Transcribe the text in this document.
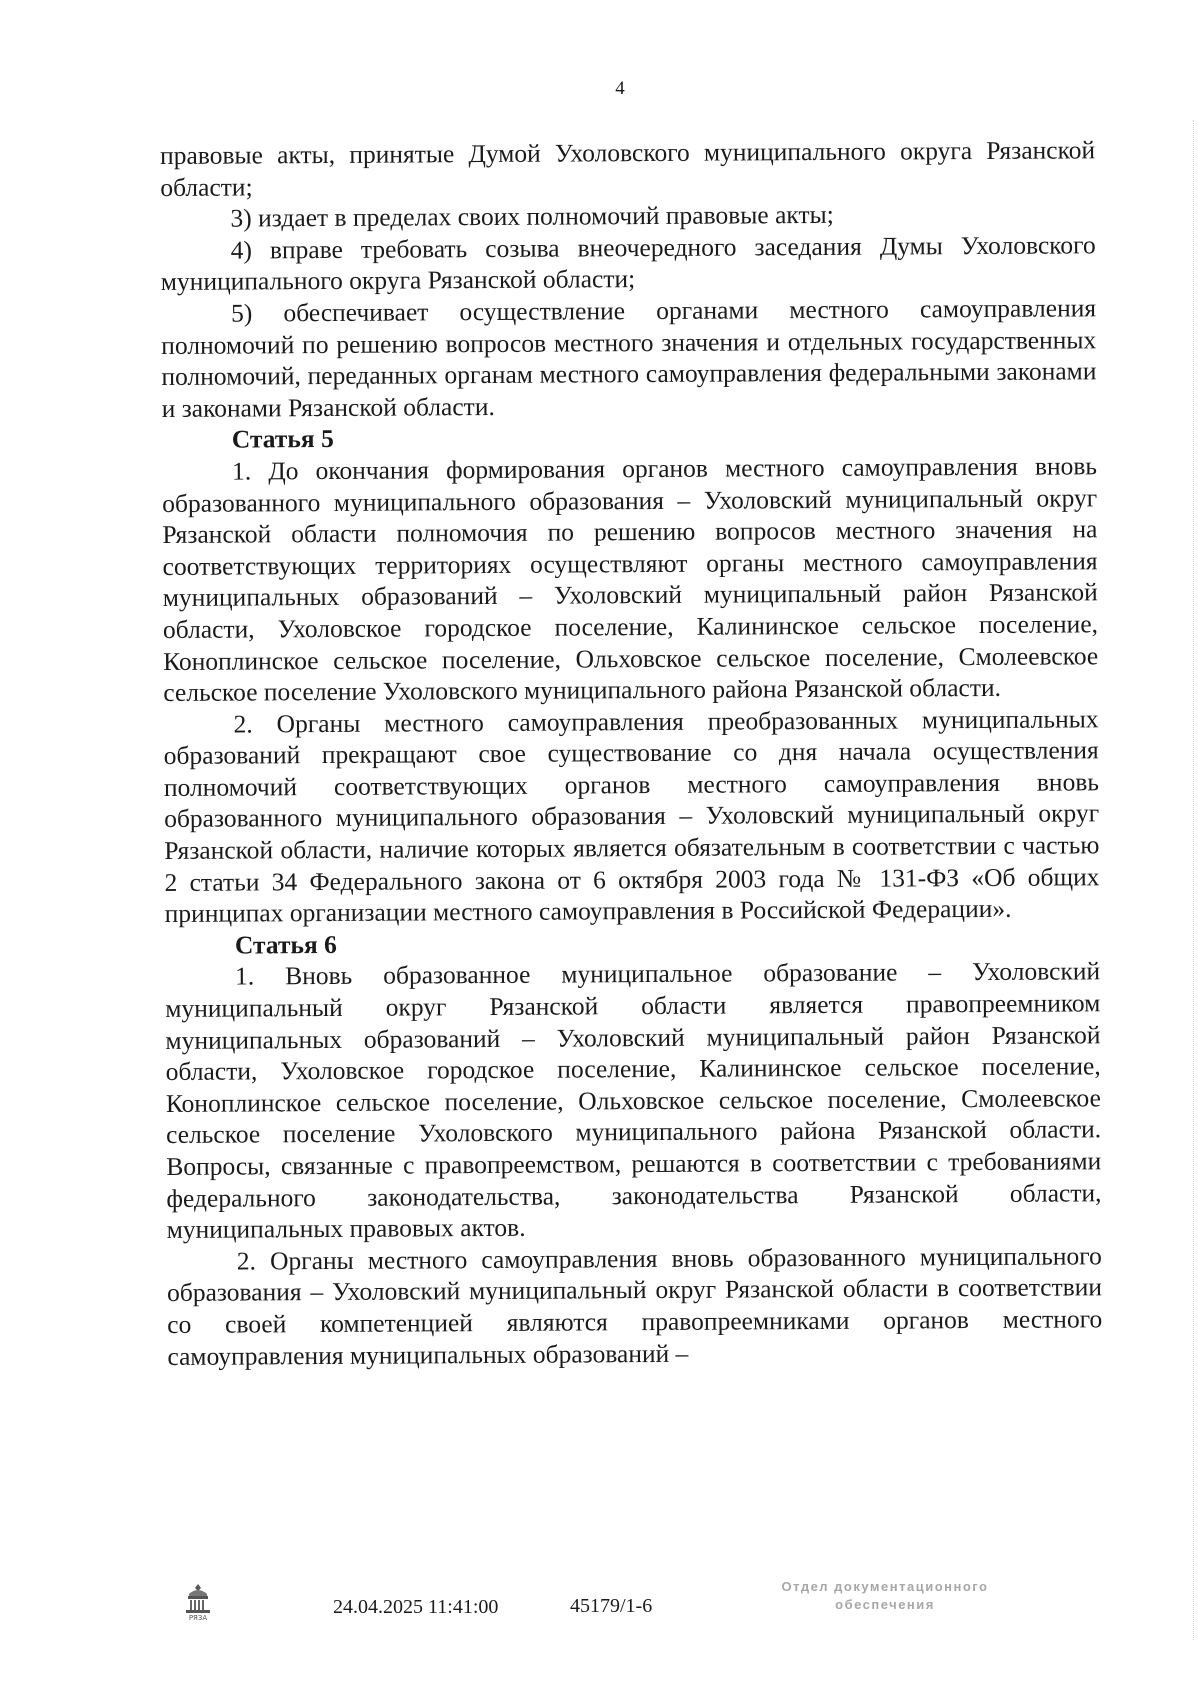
4

правовые акты, принятые Думой Ухоловского муниципального округа Рязанской области;

3) издает в пределах своих полномочий правовые акты;

4) вправе требовать созыва внеочередного заседания Думы Ухоловского муниципального округа Рязанской области;

5) обеспечивает осуществление органами местного самоуправления полномочий по решению вопросов местного значения и отдельных государственных полномочий, переданных органам местного самоуправления федеральными законами и законами Рязанской области.

Статья 5

1. До окончания формирования органов местного самоуправления вновь образованного муниципального образования – Ухоловский муниципальный округ Рязанской области полномочия по решению вопросов местного значения на соответствующих территориях осуществляют органы местного самоуправления муниципальных образований – Ухоловский муниципальный район Рязанской области, Ухоловское городское поселение, Калининское сельское поселение, Коноплинское сельское поселение, Ольховское сельское поселение, Смолеевское сельское поселение Ухоловского муниципального района Рязанской области.

2. Органы местного самоуправления преобразованных муниципальных образований прекращают свое существование со дня начала осуществления полномочий соответствующих органов местного самоуправления вновь образованного муниципального образования – Ухоловский муниципальный округ Рязанской области, наличие которых является обязательным в соответствии с частью 2 статьи 34 Федерального закона от 6 октября 2003 года № 131-ФЗ «Об общих принципах организации местного самоуправления в Российской Федерации».

Статья 6

1. Вновь образованное муниципальное образование – Ухоловский муниципальный округ Рязанской области является правопреемником муниципальных образований – Ухоловский муниципальный район Рязанской области, Ухоловское городское поселение, Калининское сельское поселение, Коноплинское сельское поселение, Ольховское сельское поселение, Смолеевское сельское поселение Ухоловского муниципального района Рязанской области. Вопросы, связанные с правопреемством, решаются в соответствии с требованиями федерального законодательства, законодательства Рязанской области, муниципальных правовых актов.

2. Органы местного самоуправления вновь образованного муниципального образования – Ухоловский муниципальный округ Рязанской области в соответствии со своей компетенцией являются правопреемниками органов местного самоуправления муниципальных образований –

РЯЗА	24.04.2025 11:41:00	45179/1-6
Отдел документационного
обеспечения
